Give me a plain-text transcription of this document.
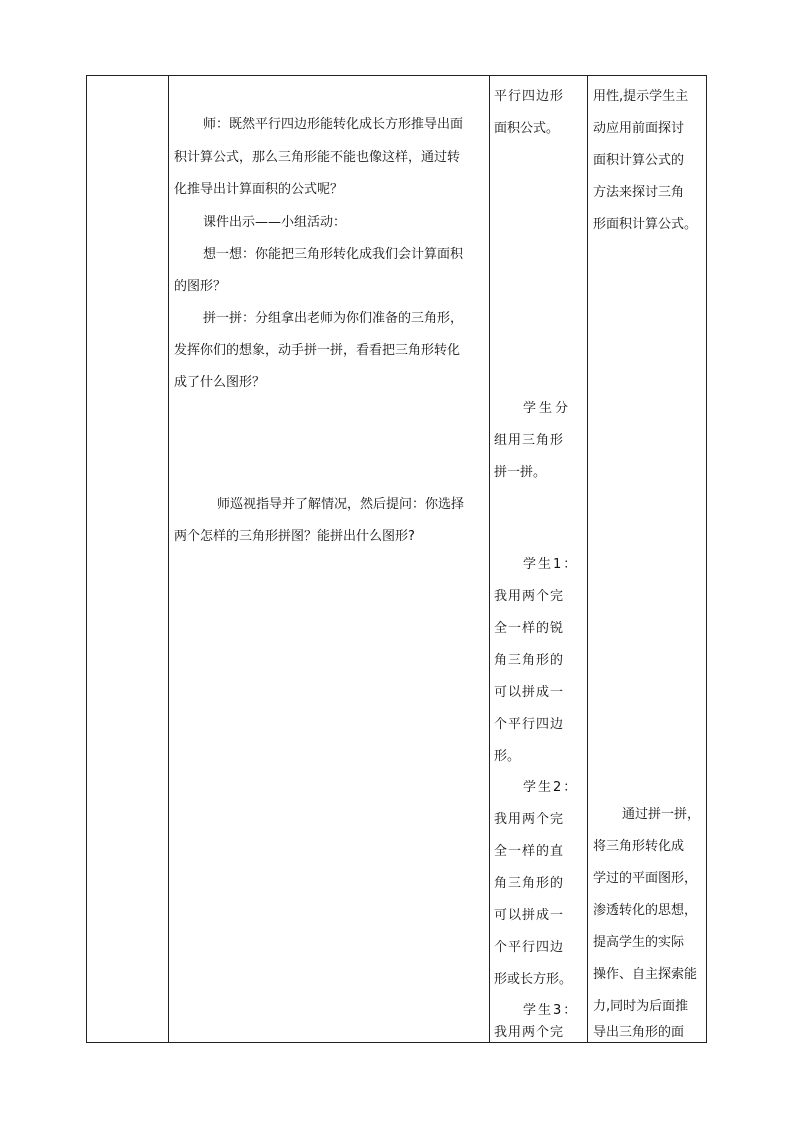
师：既然平行四边形能转化成长方形推导出面
积计算公式，那么三角形能不能也像这样，通过转
化推导出计算面积的公式呢？
课件出示——小组活动：
想一想：你能把三角形转化成我们会计算面积
的图形？
拼一拼：分组拿出老师为你们准备的三角形，
发挥你们的想象，动手拼一拼，看看把三角形转化
成了什么图形？
师巡视指导并了解情况，然后提问：你选择
两个怎样的三角形拼图？能拼出什么图形?
平行四边形
面积公式。
学生分
组用三角形
拼一拼。
学生1：
我用两个完
全一样的锐
角三角形的
可以拼成一
个平行四边
形。
学生2：
我用两个完
全一样的直
角三角形的
可以拼成一
个平行四边
形或长方形。
学生3：
我用两个完
用性,提示学生主
动应用前面探讨
面积计算公式的
方法来探讨三角
形面积计算公式。
通过拼一拼，
将三角形转化成
学过的平面图形，
渗透转化的思想，
提高学生的实际
操作、自主探索能
力,同时为后面推
导出三角形的面
